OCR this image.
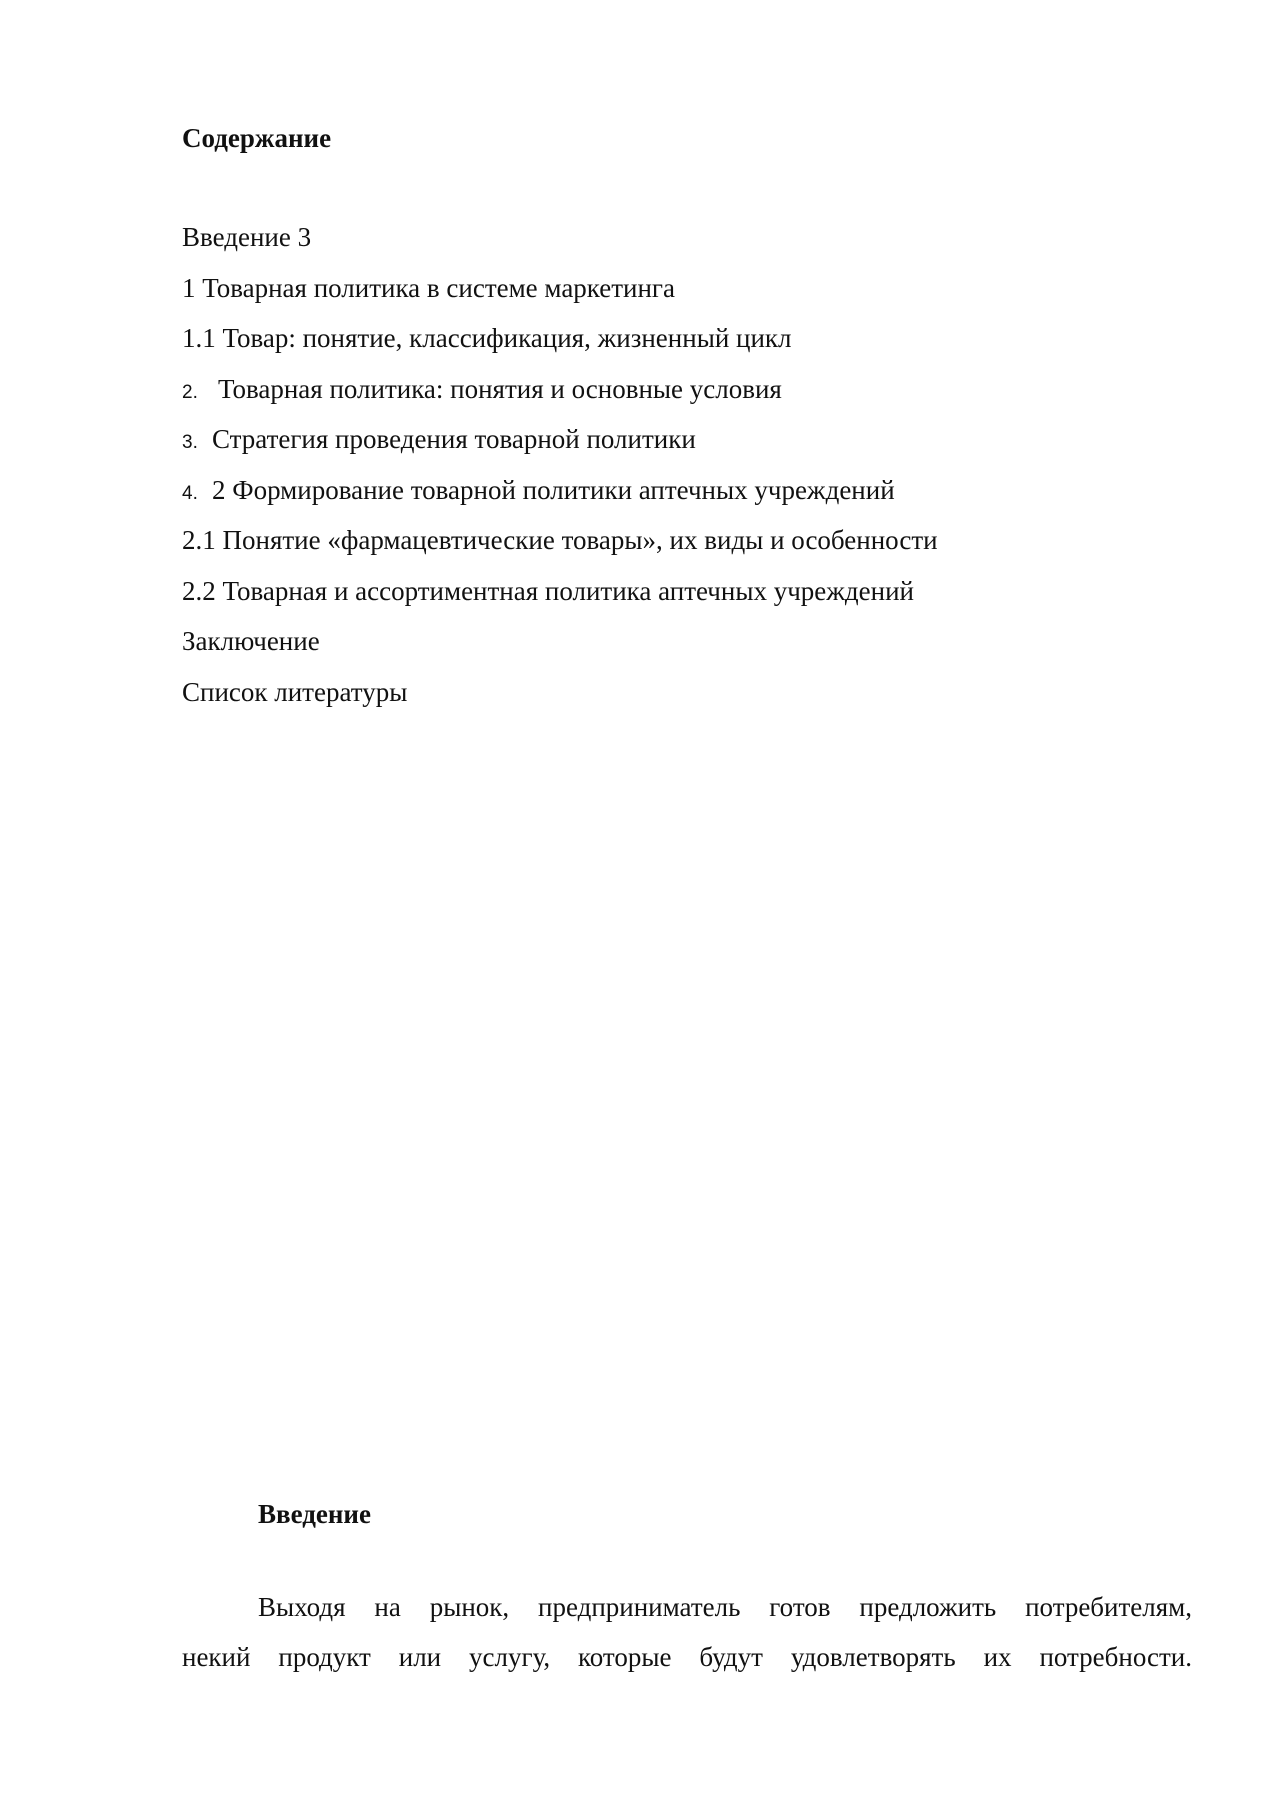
Содержание
Введение 3
1 Товарная политика в системе маркетинга
1.1 Товар: понятие, классификация, жизненный цикл
2. Товарная политика: понятия и основные условия
3. Стратегия проведения товарной политики
4. 2 Формирование товарной политики аптечных учреждений
2.1 Понятие «фармацевтические товары», их виды и особенности
2.2 Товарная и ассортиментная политика аптечных учреждений
Заключение
Список литературы
Введение

Выходя на рынок, предприниматель готов предложить потребителям,
некий продукт или услугу, которые будут удовлетворять их потребности.
